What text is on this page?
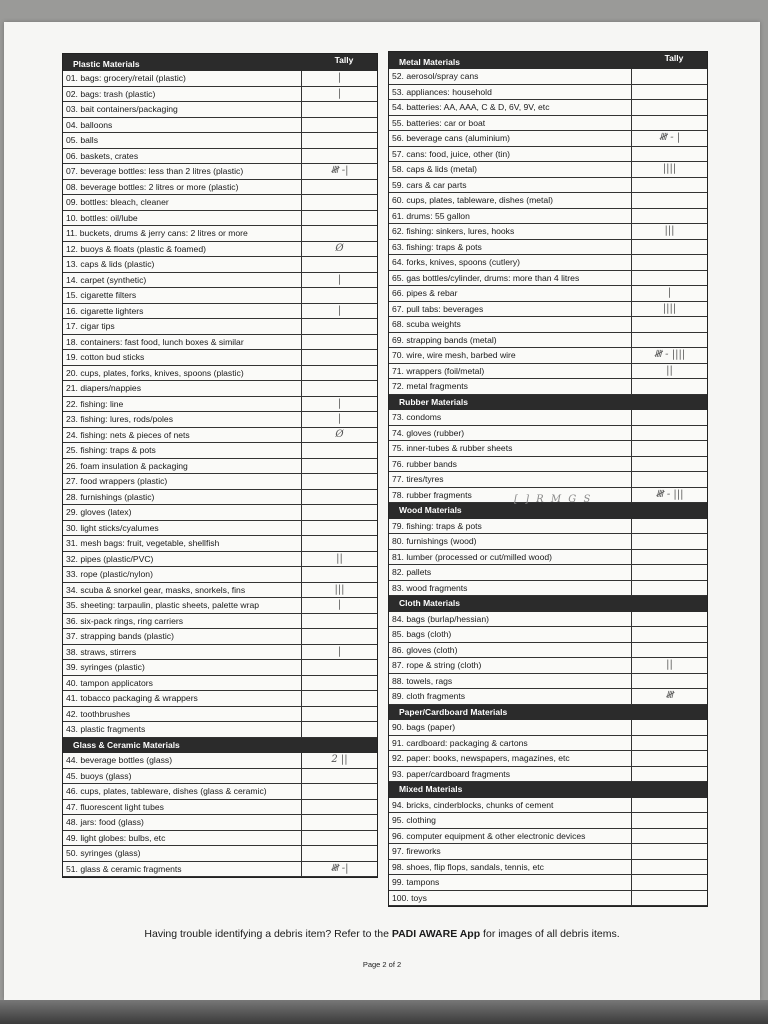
Plastic Materials	Tally
01. bags: grocery/retail (plastic)	|
02. bags: trash (plastic)	|
03. bait containers/packaging
04. balloons
05. balls
06. baskets, crates
07. beverage bottles: less than 2 litres (plastic)	𝍸 -|
08. beverage bottles: 2 litres or more (plastic)
09. bottles: bleach, cleaner
10. bottles: oil/lube
11. buckets, drums & jerry cans: 2 litres or more
12. buoys & floats (plastic & foamed)	Ø
13. caps & lids (plastic)
14. carpet (synthetic)	|
15. cigarette filters
16. cigarette lighters	|
17. cigar tips
18. containers: fast food, lunch boxes & similar
19. cotton bud sticks
20. cups, plates, forks, knives, spoons (plastic)
21. diapers/nappies
22. fishing: line	|
23. fishing: lures, rods/poles	|
24. fishing: nets & pieces of nets	Ø
25. fishing: traps & pots
26. foam insulation & packaging
27. food wrappers (plastic)
28. furnishings (plastic)
29. gloves (latex)
30. light sticks/cyalumes
31. mesh bags: fruit, vegetable, shellfish
32. pipes (plastic/PVC)	||
33. rope (plastic/nylon)
34. scuba & snorkel gear, masks, snorkels, fins	|||
35. sheeting: tarpaulin, plastic sheets, palette wrap	|
36. six-pack rings, ring carriers
37. strapping bands (plastic)
38. straws, stirrers	|
39. syringes (plastic)
40. tampon applicators
41. tobacco packaging & wrappers
42. toothbrushes
43. plastic fragments
Glass & Ceramic Materials
44. beverage bottles (glass)	2 ||
45. buoys (glass)
46. cups, plates, tableware, dishes (glass & ceramic)
47. fluorescent light tubes
48. jars: food (glass)
49. light globes: bulbs, etc
50. syringes (glass)
51. glass & ceramic fragments	𝍸 -|
Metal Materials	Tally
52. aerosol/spray cans
53. appliances: household
54. batteries: AA, AAA, C & D, 6V, 9V, etc
55. batteries: car or boat
56. beverage cans (aluminium)	𝍸 - |
57. cans: food, juice, other (tin)
58. caps & lids (metal)	||||
59. cars & car parts
60. cups, plates, tableware, dishes (metal)
61. drums: 55 gallon
62. fishing: sinkers, lures, hooks	|||
63. fishing: traps & pots
64. forks, knives, spoons (cutlery)
65. gas bottles/cylinder, drums: more than 4 litres
66. pipes & rebar	|
67. pull tabs: beverages	||||
68. scuba weights
69. strapping bands (metal)
70. wire, wire mesh, barbed wire	𝍸 - ||||
71. wrappers (foil/metal)	||
72. metal fragments
Rubber Materials
73. condoms
74. gloves (rubber)
75. inner-tubes & rubber sheets
76. rubber bands
77. tires/tyres
78. rubber fragments	𝍸 - |||
Wood Materials
79. fishing: traps & pots
80. furnishings (wood)
81. lumber (processed or cut/milled wood)
82. pallets
83. wood fragments
Cloth Materials
84. bags (burlap/hessian)
85. bags (cloth)
86. gloves (cloth)
87. rope & string (cloth)	||
88. towels, rags
89. cloth fragments	𝍸
Paper/Cardboard Materials
90. bags (paper)
91. cardboard: packaging & cartons
92. paper: books, newspapers, magazines, etc
93. paper/cardboard fragments
Mixed Materials
94. bricks, cinderblocks, chunks of cement
95. clothing
96. computer equipment & other electronic devices
97. fireworks
98. shoes, flip flops, sandals, tennis, etc
99. tampons
100. toys
[ ] R M G S
Having trouble identifying a debris item? Refer to the PADI AWARE App for images of all debris items.
Page 2 of 2
